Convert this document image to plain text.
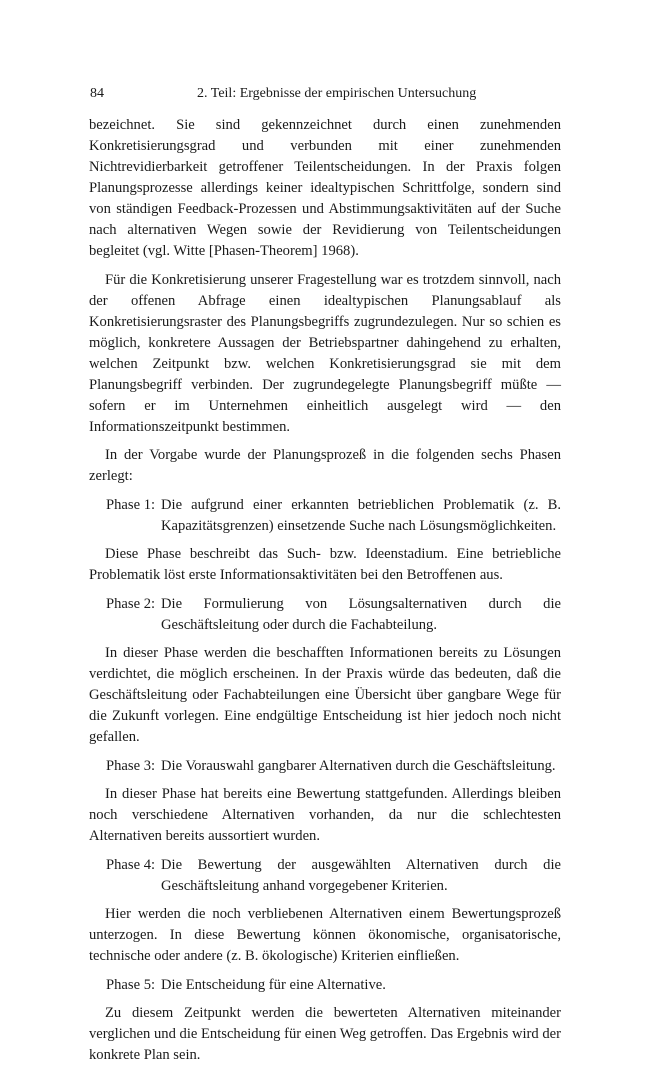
84	2. Teil: Ergebnisse der empirischen Untersuchung

bezeichnet. Sie sind gekennzeichnet durch einen zunehmenden Konkretisierungsgrad und verbunden mit einer zunehmenden Nichtrevidierbarkeit getroffener Teilentscheidungen. In der Praxis folgen Planungsprozesse allerdings keiner idealtypischen Schrittfolge, sondern sind von ständigen Feedback-Prozessen und Abstimmungsaktivitäten auf der Suche nach alternativen Wegen sowie der Revidierung von Teilentscheidungen begleitet (vgl. Witte [Phasen-Theorem] 1968).

Für die Konkretisierung unserer Fragestellung war es trotzdem sinnvoll, nach der offenen Abfrage einen idealtypischen Planungsablauf als Konkretisierungsraster des Planungsbegriffs zugrundezulegen. Nur so schien es möglich, konkretere Aussagen der Betriebspartner dahingehend zu erhalten, welchen Zeitpunkt bzw. welchen Konkretisierungsgrad sie mit dem Planungsbegriff verbinden. Der zugrundegelegte Planungsbegriff müßte — sofern er im Unternehmen einheitlich ausgelegt wird — den Informationszeitpunkt bestimmen.

In der Vorgabe wurde der Planungsprozeß in die folgenden sechs Phasen zerlegt:

Phase 1: Die aufgrund einer erkannten betrieblichen Problematik (z. B. Kapazitätsgrenzen) einsetzende Suche nach Lösungsmöglichkeiten.

Diese Phase beschreibt das Such- bzw. Ideenstadium. Eine betriebliche Problematik löst erste Informationsaktivitäten bei den Betroffenen aus.

Phase 2: Die Formulierung von Lösungsalternativen durch die Geschäftsleitung oder durch die Fachabteilung.

In dieser Phase werden die beschafften Informationen bereits zu Lösungen verdichtet, die möglich erscheinen. In der Praxis würde das bedeuten, daß die Geschäftsleitung oder Fachabteilungen eine Übersicht über gangbare Wege für die Zukunft vorlegen. Eine endgültige Entscheidung ist hier jedoch noch nicht gefallen.

Phase 3: Die Vorauswahl gangbarer Alternativen durch die Geschäftsleitung.

In dieser Phase hat bereits eine Bewertung stattgefunden. Allerdings bleiben noch verschiedene Alternativen vorhanden, da nur die schlechtesten Alternativen bereits aussortiert wurden.

Phase 4: Die Bewertung der ausgewählten Alternativen durch die Geschäftsleitung anhand vorgegebener Kriterien.

Hier werden die noch verbliebenen Alternativen einem Bewertungsprozeß unterzogen. In diese Bewertung können ökonomische, organisatorische, technische oder andere (z. B. ökologische) Kriterien einfließen.

Phase 5: Die Entscheidung für eine Alternative.

Zu diesem Zeitpunkt werden die bewerteten Alternativen miteinander verglichen und die Entscheidung für einen Weg getroffen. Das Ergebnis wird der konkrete Plan sein.
